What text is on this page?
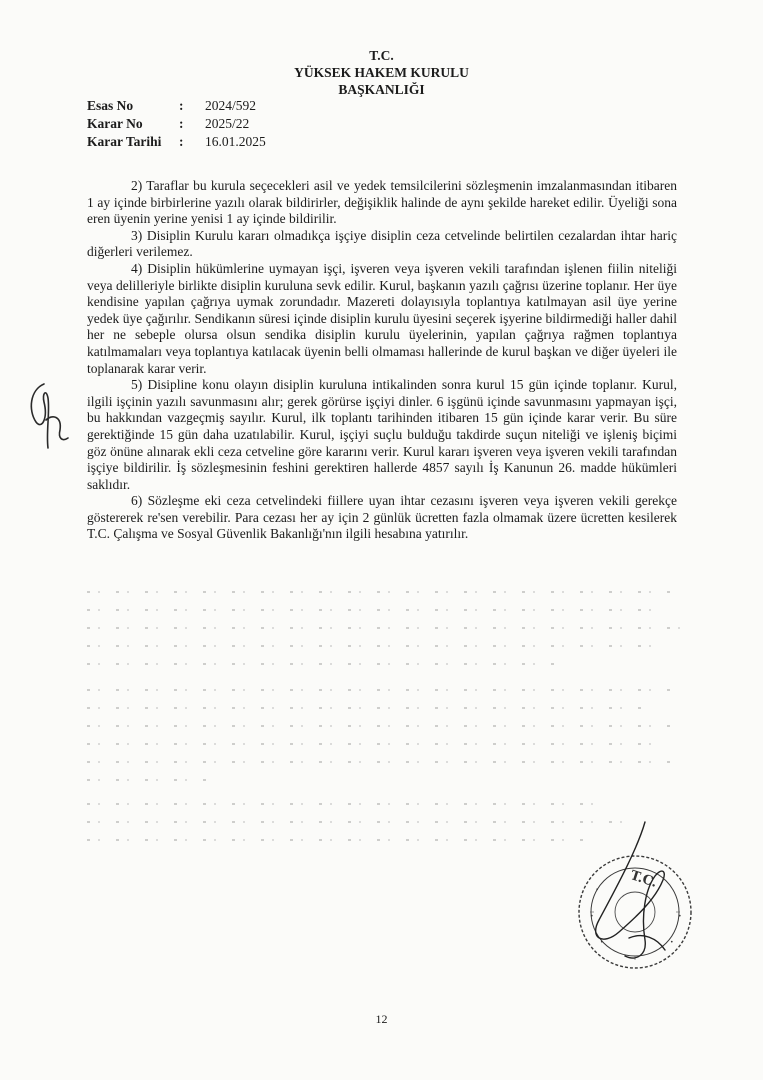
T.C.
YÜKSEK HAKEM KURULU
BAŞKANLIĞI
Esas No	:	2024/592
Karar No	:	2025/22
Karar Tarihi	:	16.01.2025

2) Taraflar bu kurula seçecekleri asil ve yedek temsilcilerini sözleşmenin imzalanmasından itibaren 1 ay içinde birbirlerine yazılı olarak bildirirler, değişiklik halinde de aynı şekilde hareket edilir. Üyeliği sona eren üyenin yerine yenisi 1 ay içinde bildirilir.

3) Disiplin Kurulu kararı olmadıkça işçiye disiplin ceza cetvelinde belirtilen cezalardan ihtar hariç diğerleri verilemez.

4) Disiplin hükümlerine uymayan işçi, işveren veya işveren vekili tarafından işlenen fiilin niteliği veya delilleriyle birlikte disiplin kuruluna sevk edilir. Kurul, başkanın yazılı çağrısı üzerine toplanır. Her üye kendisine yapılan çağrıya uymak zorundadır. Mazereti dolayısıyla toplantıya katılmayan asil üye yerine yedek üye çağırılır. Sendikanın süresi içinde disiplin kurulu üyesini seçerek işyerine bildirmediği haller dahil her ne sebeple olursa olsun sendika disiplin kurulu üyelerinin, yapılan çağrıya rağmen toplantıya katılmamaları veya toplantıya katılacak üyenin belli olmaması hallerinde de kurul başkan ve diğer üyeleri ile toplanarak karar verir.

5) Disipline konu olayın disiplin kuruluna intikalinden sonra kurul 15 gün içinde toplanır. Kurul, ilgili işçinin yazılı savunmasını alır; gerek görürse işçiyi dinler. 6 işgünü içinde savunmasını yapmayan işçi, bu hakkından vazgeçmiş sayılır. Kurul, ilk toplantı tarihinden itibaren 15 gün içinde karar verir. Bu süre gerektiğinde 15 gün daha uzatılabilir. Kurul, işçiyi suçlu bulduğu takdirde suçun niteliği ve işleniş biçimi göz önüne alınarak ekli ceza cetveline göre kararını verir. Kurul kararı işveren veya işveren vekili tarafından işçiye bildirilir. İş sözleşmesinin feshini gerektiren hallerde 4857 sayılı İş Kanunun 26. madde hükümleri saklıdır.

6) Sözleşme eki ceza cetvelindeki fiillere uyan ihtar cezasını işveren veya işveren vekili gerekçe göstererek re'sen verebilir. Para cezası her ay için 2 günlük ücretten fazla olmamak üzere ücretten kesilerek T.C. Çalışma ve Sosyal Güvenlik Bakanlığı'nın ilgili hesabına yatırılır.

•
•
•	•
•
T.C.
12
